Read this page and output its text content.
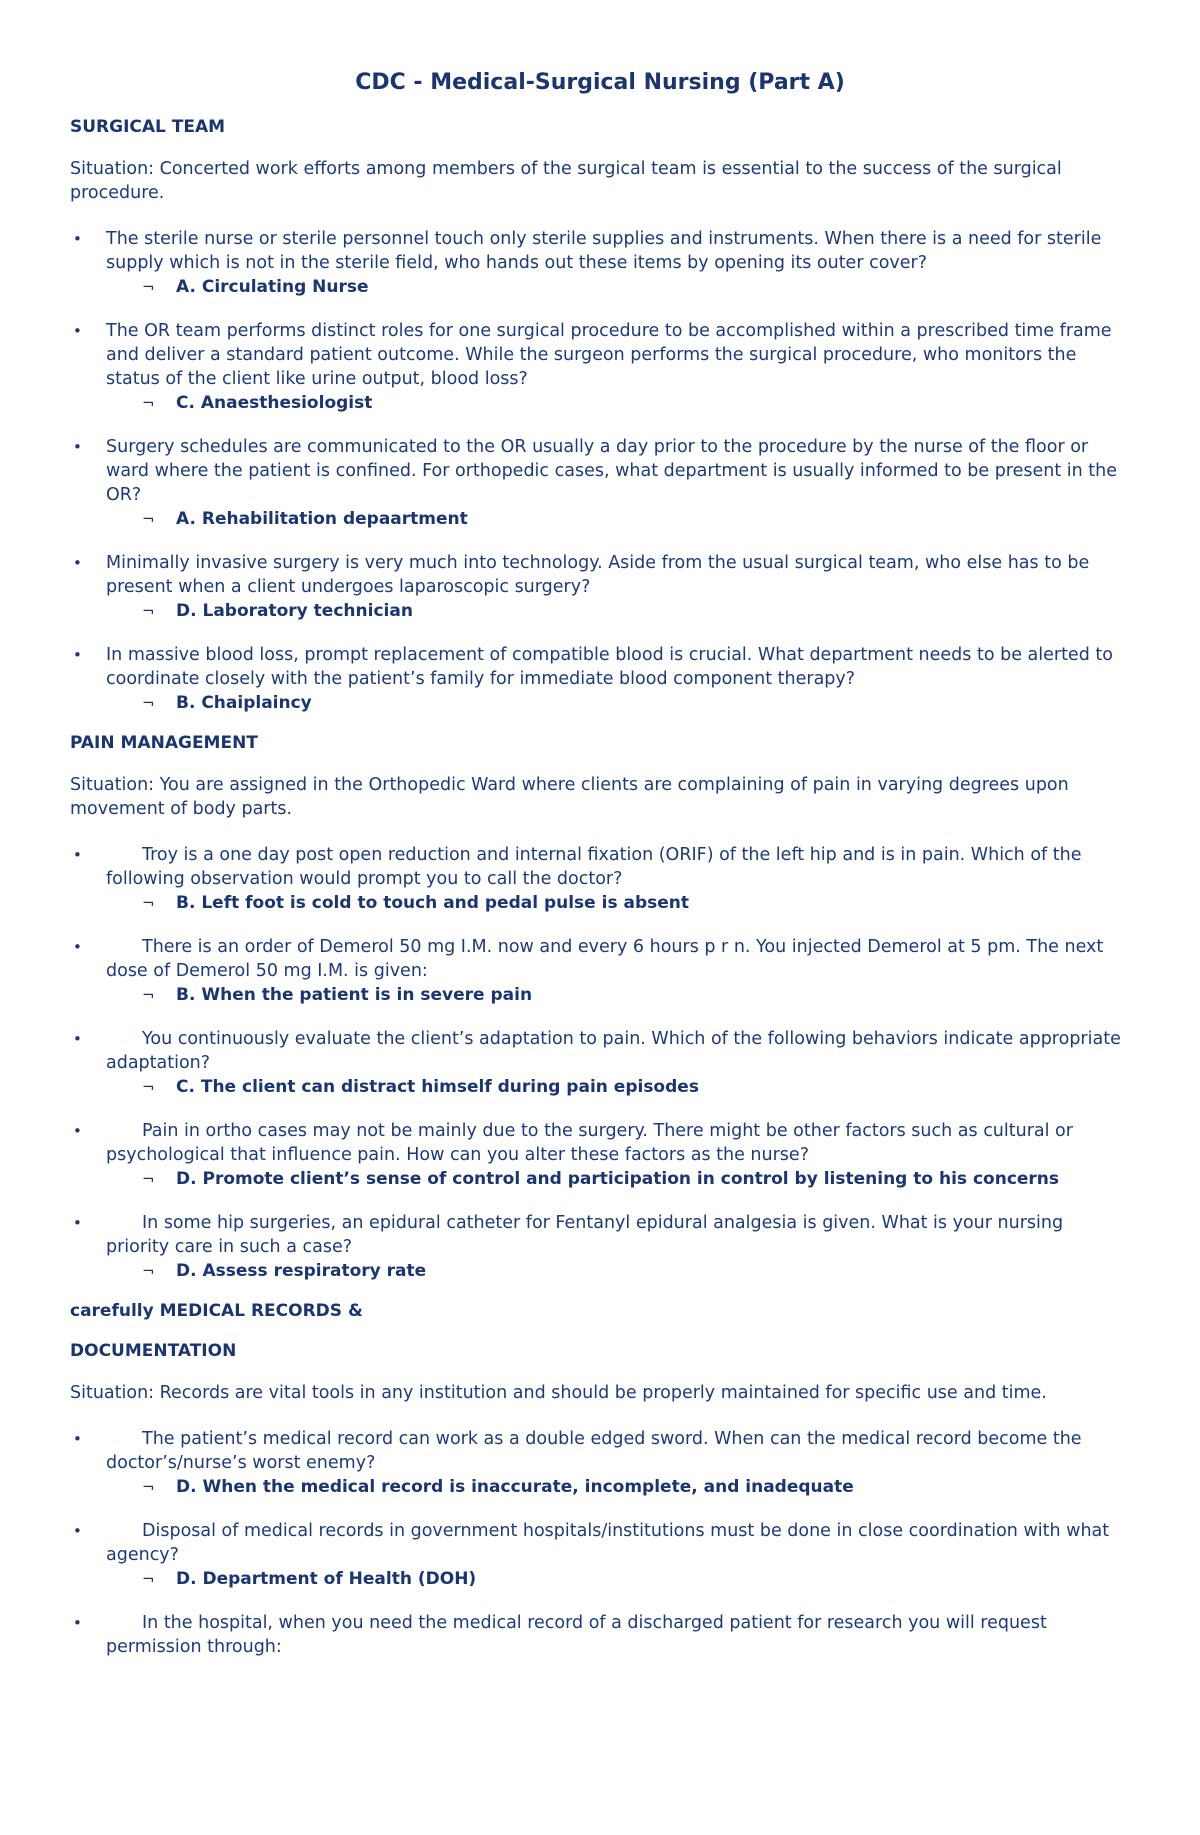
CDC - Medical-Surgical Nursing (Part A)
SURGICAL TEAM
Situation: Concerted work efforts among members of the surgical team is essential to the success of the surgical procedure.
• The sterile nurse or sterile personnel touch only sterile supplies and instruments. When there is a need for sterile supply which is not in the sterile field, who hands out these items by opening its outer cover?
¬ A. Circulating Nurse
• The OR team performs distinct roles for one surgical procedure to be accomplished within a prescribed time frame and deliver a standard patient outcome. While the surgeon performs the surgical procedure, who monitors the status of the client like urine output, blood loss?
¬ C. Anaesthesiologist
• Surgery schedules are communicated to the OR usually a day prior to the procedure by the nurse of the floor or ward where the patient is confined. For orthopedic cases, what department is usually informed to be present in the OR?
¬ A. Rehabilitation depaartment
• Minimally invasive surgery is very much into technology. Aside from the usual surgical team, who else has to be present when a client undergoes laparoscopic surgery?
¬ D. Laboratory technician
• In massive blood loss, prompt replacement of compatible blood is crucial. What department needs to be alerted to coordinate closely with the patient’s family for immediate blood component therapy?
¬ B. Chaiplaincy
PAIN MANAGEMENT
Situation: You are assigned in the Orthopedic Ward where clients are complaining of pain in varying degrees upon movement of body parts.
•	Troy is a one day post open reduction and internal fixation (ORIF) of the left hip and is in pain. Which of the following observation would prompt you to call the doctor?
¬ B. Left foot is cold to touch and pedal pulse is absent
•	There is an order of Demerol 50 mg I.M. now and every 6 hours p r n. You injected Demerol at 5 pm. The next dose of Demerol 50 mg I.M. is given:
¬ B. When the patient is in severe pain
•	You continuously evaluate the client’s adaptation to pain. Which of the following behaviors indicate appropriate adaptation?
¬ C. The client can distract himself during pain episodes
•	Pain in ortho cases may not be mainly due to the surgery. There might be other factors such as cultural or psychological that influence pain. How can you alter these factors as the nurse?
¬ D. Promote client’s sense of control and participation in control by listening to his concerns
•	In some hip surgeries, an epidural catheter for Fentanyl epidural analgesia is given. What is your nursing priority care in such a case?
¬ D. Assess respiratory rate
carefully MEDICAL RECORDS &
DOCUMENTATION
Situation: Records are vital tools in any institution and should be properly maintained for specific use and time.
•	The patient’s medical record can work as a double edged sword. When can the medical record become the doctor’s/nurse’s worst enemy?
¬ D. When the medical record is inaccurate, incomplete, and inadequate
•	Disposal of medical records in government hospitals/institutions must be done in close coordination with what agency?
¬ D. Department of Health (DOH)
•	In the hospital, when you need the medical record of a discharged patient for research you will request permission through:
